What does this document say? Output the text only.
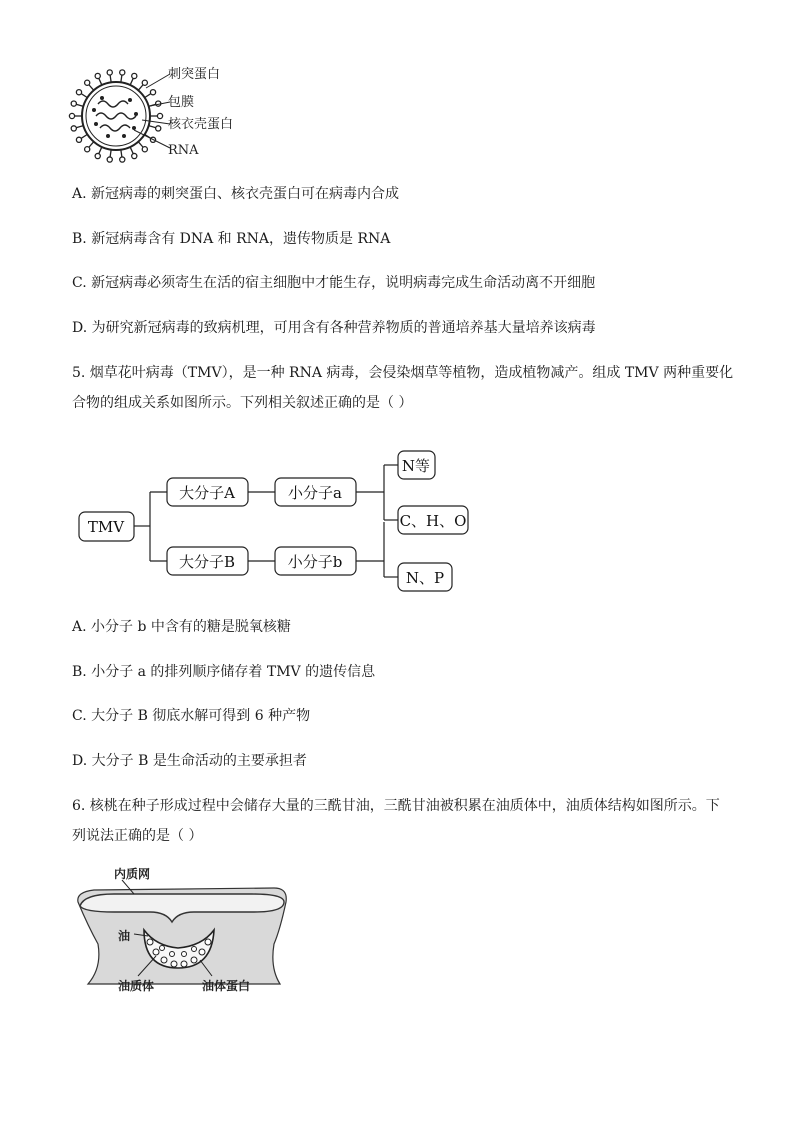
刺突蛋白
包膜
核衣壳蛋白
RNA
A. 新冠病毒的刺突蛋白、核衣壳蛋白可在病毒内合成
B. 新冠病毒含有 DNA 和 RNA，遗传物质是 RNA
C. 新冠病毒必须寄生在活的宿主细胞中才能生存，说明病毒完成生命活动离不开细胞
D. 为研究新冠病毒的致病机理，可用含有各种营养物质的普通培养基大量培养该病毒
5. 烟草花叶病毒（TMV），是一种 RNA 病毒，会侵染烟草等植物，造成植物减产。组成 TMV 两种重要化
合物的组成关系如图所示。下列相关叙述正确的是（ ）
TMV
大分子A
大分子B
小分子a
小分子b
N等
C、H、O
N、P
A. 小分子 b 中含有的糖是脱氧核糖
B. 小分子 a 的排列顺序储存着 TMV 的遗传信息
C. 大分子 B 彻底水解可得到 6 种产物
D. 大分子 B 是生命活动的主要承担者
6. 核桃在种子形成过程中会储存大量的三酰甘油，三酰甘油被积累在油质体中，油质体结构如图所示。下
列说法正确的是（ ）
内质网
油
油质体	油体蛋白
